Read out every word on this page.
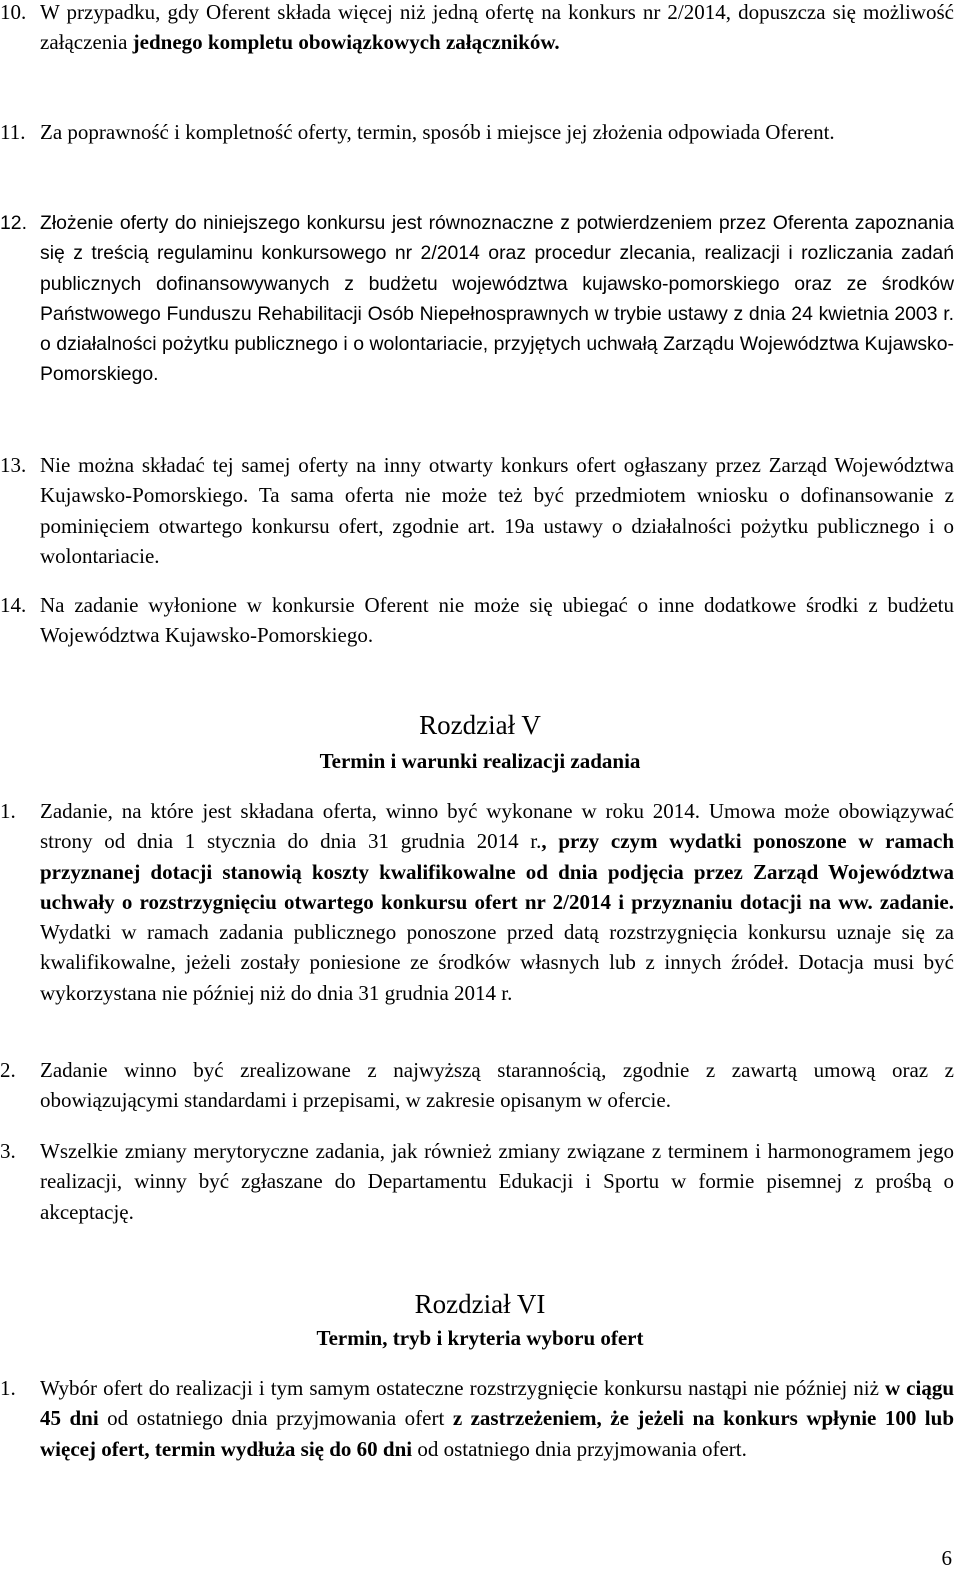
10. W przypadku, gdy Oferent składa więcej niż jedną ofertę na konkurs nr 2/2014, dopuszcza się możliwość załączenia jednego kompletu obowiązkowych załączników.
11. Za poprawność i kompletność oferty, termin, sposób i miejsce jej złożenia odpowiada Oferent.
12. Złożenie oferty do niniejszego konkursu jest równoznaczne z potwierdzeniem przez Oferenta zapoznania się z treścią regulaminu konkursowego nr 2/2014 oraz procedur zlecania, realizacji i rozliczania zadań publicznych dofinansowywanych z budżetu województwa kujawsko-pomorskiego oraz ze środków Państwowego Funduszu Rehabilitacji Osób Niepełnosprawnych w trybie ustawy z dnia 24 kwietnia 2003 r. o działalności pożytku publicznego i o wolontariacie, przyjętych uchwałą Zarządu Województwa Kujawsko-Pomorskiego.
13. Nie można składać tej samej oferty na inny otwarty konkurs ofert ogłaszany przez Zarząd Województwa Kujawsko-Pomorskiego. Ta sama oferta nie może też być przedmiotem wniosku o dofinansowanie z pominięciem otwartego konkursu ofert, zgodnie art. 19a ustawy o działalności pożytku publicznego i o wolontariacie.
14. Na zadanie wyłonione w konkursie Oferent nie może się ubiegać o inne dodatkowe środki z budżetu Województwa Kujawsko-Pomorskiego.
Rozdział V
Termin i warunki realizacji zadania
1.	Zadanie, na które jest składana oferta, winno być wykonane w roku 2014. Umowa może obowiązywać strony od dnia 1 stycznia do dnia 31 grudnia 2014 r., przy czym wydatki ponoszone w ramach przyznanej dotacji stanowią koszty kwalifikowalne od dnia podjęcia przez Zarząd Województwa uchwały o rozstrzygnięciu otwartego konkursu ofert nr 2/2014 i przyznaniu dotacji na ww. zadanie. Wydatki w ramach zadania publicznego ponoszone przed datą rozstrzygnięcia konkursu uznaje się za kwalifikowalne, jeżeli zostały poniesione ze środków własnych lub z innych źródeł. Dotacja musi być wykorzystana nie później niż do dnia 31 grudnia 2014 r.
2.	Zadanie winno być zrealizowane z najwyższą starannością, zgodnie z zawartą umową oraz z obowiązującymi standardami i przepisami, w zakresie opisanym w ofercie.
3.	Wszelkie zmiany merytoryczne zadania, jak również zmiany związane z terminem i harmonogramem jego realizacji, winny być zgłaszane do Departamentu Edukacji i Sportu w formie pisemnej z prośbą o akceptację.
Rozdział VI
Termin, tryb i kryteria wyboru ofert
1.	Wybór ofert do realizacji i tym samym ostateczne rozstrzygnięcie konkursu nastąpi nie później niż w ciągu 45 dni od ostatniego dnia przyjmowania ofert z zastrzeżeniem, że jeżeli na konkurs wpłynie 100 lub więcej ofert, termin wydłuża się do 60 dni od ostatniego dnia przyjmowania ofert.
6
